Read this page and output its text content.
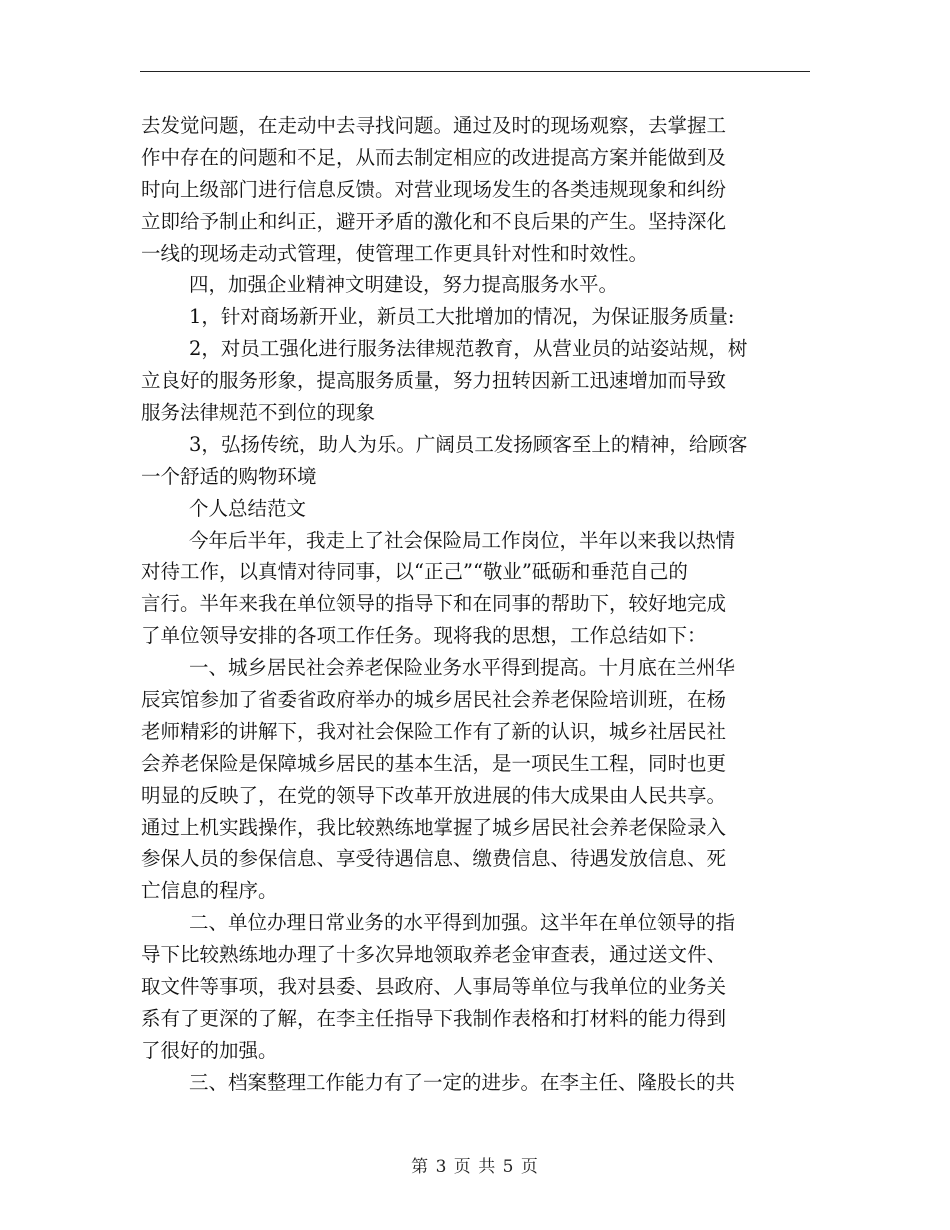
去发觉问题，在走动中去寻找问题。通过及时的现场观察，去掌握工
作中存在的问题和不足，从而去制定相应的改进提高方案并能做到及
时向上级部门进行信息反馈。对营业现场发生的各类违规现象和纠纷
立即给予制止和纠正，避开矛盾的激化和不良后果的产生。坚持深化
一线的现场走动式管理，使管理工作更具针对性和时效性。
四，加强企业精神文明建设，努力提高服务水平。
1，针对商场新开业，新员工大批增加的情况，为保证服务质量:
2，对员工强化进行服务法律规范教育，从营业员的站姿站规，树
立良好的服务形象，提高服务质量，努力扭转因新工迅速增加而导致
服务法律规范不到位的现象
3，弘扬传统，助人为乐。广阔员工发扬顾客至上的精神，给顾客
一个舒适的购物环境
个人总结范文
今年后半年，我走上了社会保险局工作岗位，半年以来我以热情
对待工作，以真情对待同事，以“正己”“敬业”砥砺和垂范自己的
言行。半年来我在单位领导的指导下和在同事的帮助下，较好地完成
了单位领导安排的各项工作任务。现将我的思想，工作总结如下：
一、城乡居民社会养老保险业务水平得到提高。十月底在兰州华
辰宾馆参加了省委省政府举办的城乡居民社会养老保险培训班，在杨
老师精彩的讲解下，我对社会保险工作有了新的认识，城乡社居民社
会养老保险是保障城乡居民的基本生活，是一项民生工程，同时也更
明显的反映了，在党的领导下改革开放进展的伟大成果由人民共享。
通过上机实践操作，我比较熟练地掌握了城乡居民社会养老保险录入
参保人员的参保信息、享受待遇信息、缴费信息、待遇发放信息、死
亡信息的程序。
二、单位办理日常业务的水平得到加强。这半年在单位领导的指
导下比较熟练地办理了十多次异地领取养老金审查表，通过送文件、
取文件等事项，我对县委、县政府、人事局等单位与我单位的业务关
系有了更深的了解，在李主任指导下我制作表格和打材料的能力得到
了很好的加强。
三、档案整理工作能力有了一定的进步。在李主任、隆股长的共
第 3 页 共 5 页
